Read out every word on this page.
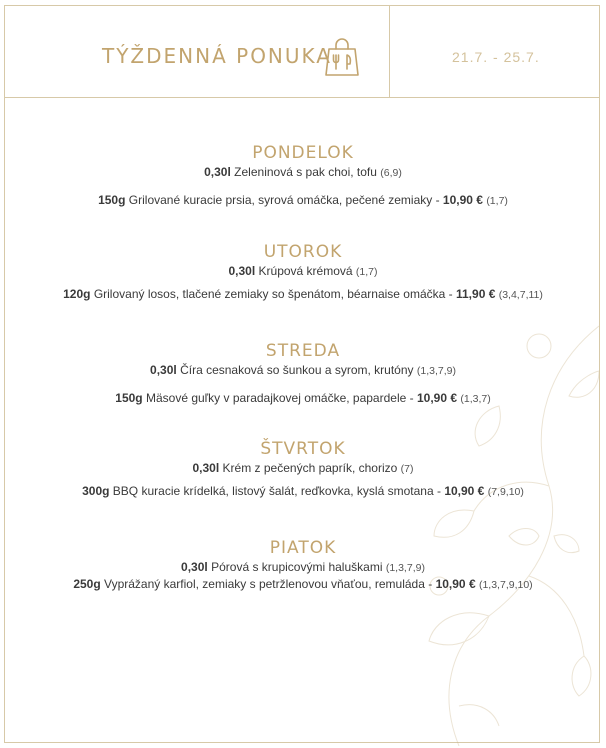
TÝŽDENNÁ PONUKA	21.7. - 25.7.
PONDELOK
0,30l Zeleninová s pak choi, tofu (6,9)
150g Grilované kuracie prsia, syrová omáčka, pečené zemiaky - 10,90 € (1,7)
UTOROK
0,30l Krúpová krémová (1,7)
120g Grilovaný losos, tlačené zemiaky so špenátom, béarnaise omáčka - 11,90 € (3,4,7,11)
STREDA
0,30l Číra cesnaková so šunkou a syrom, krutóny (1,3,7,9)
150g Mäsové guľky v paradajkovej omáčke, papardele - 10,90 € (1,3,7)
ŠTVRTOK
0,30l Krém z pečených paprík, chorizo (7)
300g BBQ kuracie krídelká, listový šalát, reďkovka, kyslá smotana - 10,90 € (7,9,10)
PIATOK
0,30l Pórová s krupicovými haluškami (1,3,7,9)
250g Vyprážaný karfiol, zemiaky s petržlenovou vňaťou, remuláda - 10,90 € (1,3,7,9,10)
